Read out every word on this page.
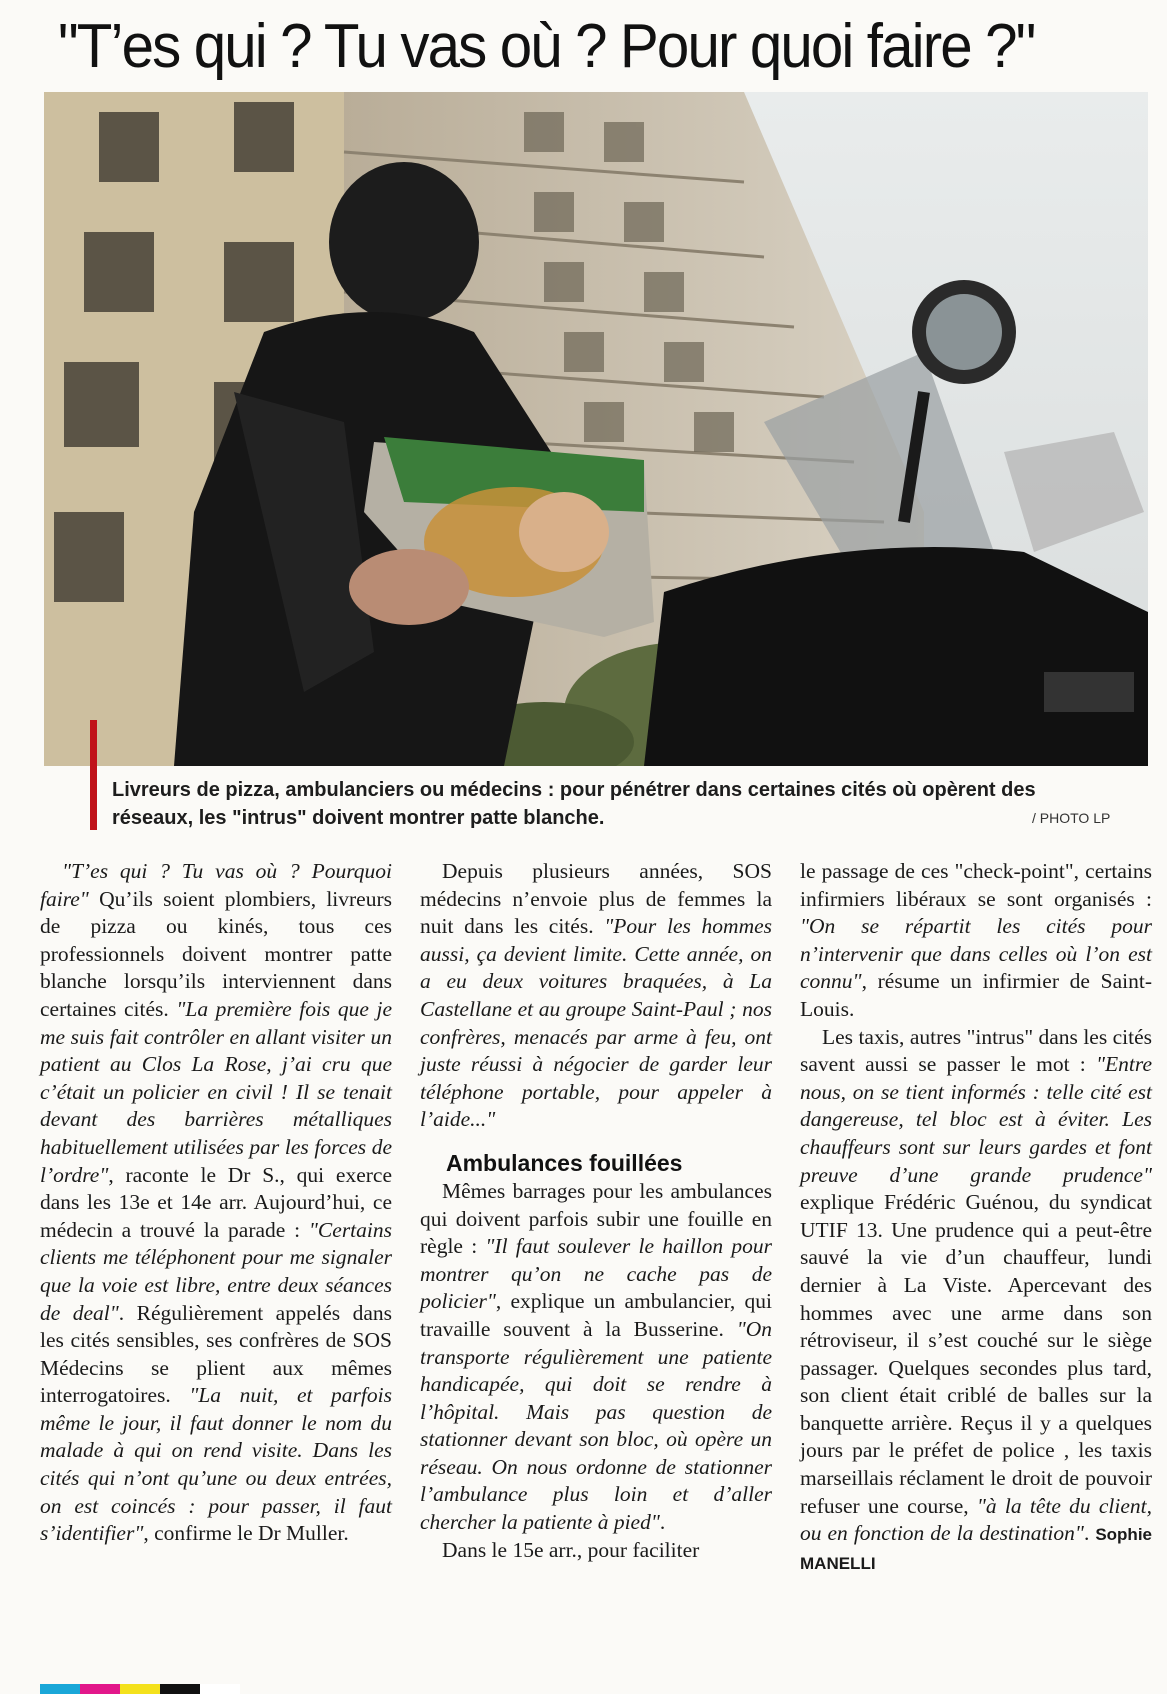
"T’es qui ? Tu vas où ? Pour quoi faire ?"
Livreurs de pizza, ambulanciers ou médecins : pour pénétrer dans certaines cités où opèrent des réseaux, les "intrus" doivent montrer patte blanche.	/ PHOTO LP

"T’es qui ? Tu vas où ? Pourquoi faire" Qu’ils soient plombiers, livreurs de pizza ou kinés, tous ces professionnels doivent montrer patte blanche lorsqu’ils interviennent dans certaines cités. "La première fois que je me suis fait contrôler en allant visiter un patient au Clos La Rose, j’ai cru que c’était un policier en civil ! Il se tenait devant des barrières métalliques habituellement utilisées par les forces de l’ordre", raconte le Dr S., qui exerce dans les 13e et 14e arr. Aujourd’hui, ce médecin a trouvé la parade : "Certains clients me téléphonent pour me signaler que la voie est libre, entre deux séances de deal". Régulièrement appelés dans les cités sensibles, ses confrères de SOS Médecins se plient aux mêmes interrogatoires. "La nuit, et parfois même le jour, il faut donner le nom du malade à qui on rend visite. Dans les cités qui n’ont qu’une ou deux entrées, on est coincés : pour passer, il faut s’identifier", confirme le Dr Muller.

Depuis plusieurs années, SOS médecins n’envoie plus de femmes la nuit dans les cités. "Pour les hommes aussi, ça devient limite. Cette année, on a eu deux voitures braquées, à La Castellane et au groupe Saint-Paul ; nos confrères, menacés par arme à feu, ont juste réussi à négocier de garder leur téléphone portable, pour appeler à l’aide..."

Ambulances fouillées

Mêmes barrages pour les ambulances qui doivent parfois subir une fouille en règle : "Il faut soulever le haillon pour montrer qu’on ne cache pas de policier", explique un ambulancier, qui travaille souvent à la Busserine. "On transporte régulièrement une patiente handicapée, qui doit se rendre à l’hôpital. Mais pas question de stationner devant son bloc, où opère un réseau. On nous ordonne de stationner l’ambulance plus loin et d’aller chercher la patiente à pied".

Dans le 15e arr., pour faciliter

le passage de ces "check-point", certains infirmiers libéraux se sont organisés : "On se répartit les cités pour n’intervenir que dans celles où l’on est connu", résume un infirmier de Saint-Louis.

Les taxis, autres "intrus" dans les cités savent aussi se passer le mot : "Entre nous, on se tient informés : telle cité est dangereuse, tel bloc est à éviter. Les chauffeurs sont sur leurs gardes et font preuve d’une grande prudence" explique Frédéric Guénou, du syndicat UTIF 13. Une prudence qui a peut-être sauvé la vie d’un chauffeur, lundi dernier à La Viste. Apercevant des hommes avec une arme dans son rétroviseur, il s’est couché sur le siège passager. Quelques secondes plus tard, son client était criblé de balles sur la banquette arrière. Reçus il y a quelques jours par le préfet de police , les taxis marseillais réclament le droit de pouvoir refuser une course, "à la tête du client, ou en fonction de la destination". Sophie MANELLI
